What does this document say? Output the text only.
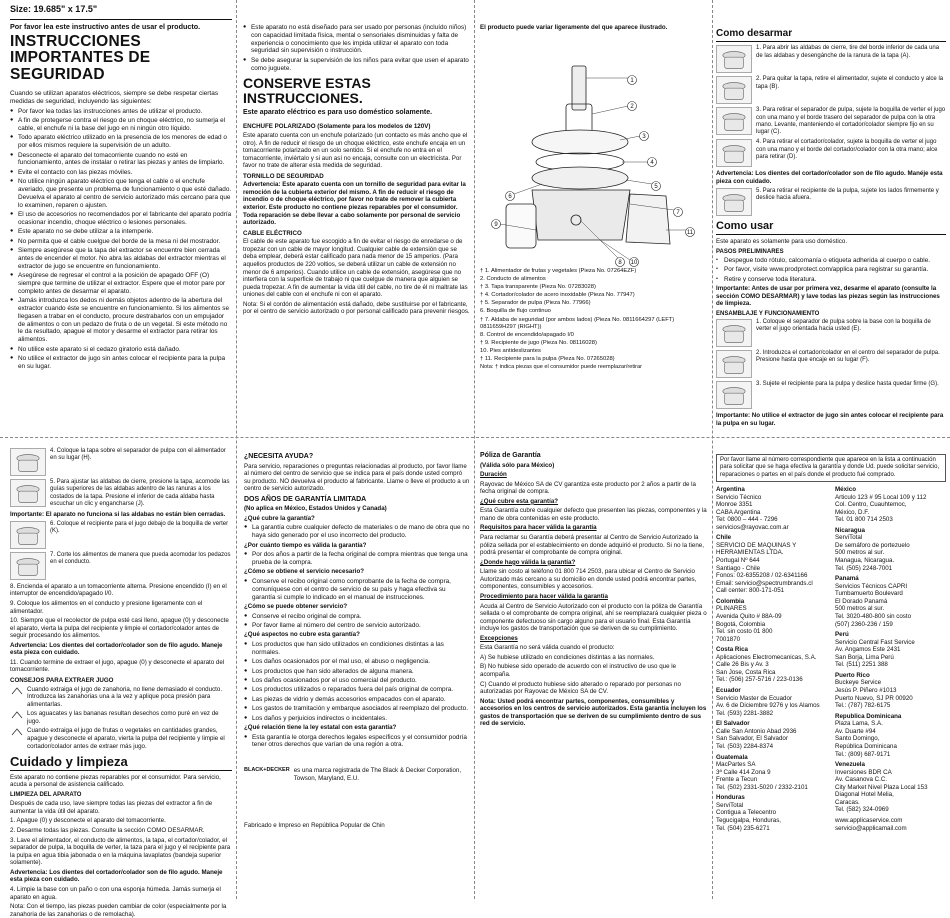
Size: 19.685" x 17.5"
Por favor lea este instructivo antes de usar el producto.
INSTRUCCIONES IMPORTANTES DE SEGURIDAD

Cuando se utilizan aparatos eléctricos, siempre se debe respetar ciertas medidas de seguridad, incluyendo las siguientes:

● Por favor lea todas las instrucciones antes de utilizar el producto.
● A fin de protegerse contra el riesgo de un choque eléctrico, no sumerja el cable, el enchufe ni la base del jugo en ni ningún otro líquido.
● Todo aparato eléctrico utilizado en la presencia de los menores de edad o por ellos mismos requiere la supervisión de un adulto.
● Desconecte el aparato del tomacorriente cuando no esté en funcionamiento, antes de instalar o retirar las piezas y antes de limpiarlo.
● Evite el contacto con las piezas móviles.
● No utilice ningún aparato eléctrico que tenga el cable o el enchufe averiado, que presente un problema de funcionamiento o que esté dañado. Devuelva el aparato al centro de servicio autorizado más cercano para que lo examinen, reparen o ajusten.
● El uso de accesorios no recomendados por el fabricante del aparato podría ocasionar incendio, choque eléctrico o lesiones personales.
● Este aparato no se debe utilizar a la intemperie.
● No permita que el cable cuelgue del borde de la mesa ni del mostrador.
● Siempre asegúrese que la tapa del extractor se encuentre bien cerrada antes de encender el motor. No abra las aldabas del extractor mientras el extractor de jugo se encuentre en funcionamiento.
● Asegúrese de regresar el control a la posición de apagado OFF (O) siempre que termine de utilizar el extractor. Espere que el motor pare por completo antes de desarmar el aparato.
● Jamás introduzca los dedos ni demás objetos adentro de la abertura del extractor cuando éste se encuentre en funcionamiento. Si los alimentos se llegasen a trabar en el conducto, procure destrabarlos con un empujador de alimentos o con un pedazo de fruta o de un vegetal. Si este método no le da resultado, apague el motor y desarme el extractor para retirar los alimentos.
● No utilice este aparato si el cedazo giratorio está dañado.
● No utilice el extractor de jugo sin antes colocar el recipiente para la pulpa en su lugar.
● Este aparato no está diseñado para ser usado por personas (incluído niños) con capacidad limitada física, mental o sensoriales disminuidas y falta de experiencia o conocimiento que les impida utilizar el aparato con toda seguridad sin supervisión o instrucción.
● Se debe asegurar la supervisión de los niños para evitar que usen el aparato como juguete.
CONSERVE ESTAS INSTRUCCIONES.

Este aparato eléctrico es para uso doméstico solamente.

ENCHUFE POLARIZADO (Solamente para los modelos de 120V)

Este aparato cuenta con un enchufe polarizado (un contacto es más ancho que el otro). A fin de reducir el riesgo de un choque eléctrico, este enchufe encaja en un tomacorriente polarizado en un solo sentido. Si el enchufe no entra en el tomacorriente, inviértalo y si aun así no encaja, consulte con un electricista. Por favor no trate de alterar esta medida de seguridad.

TORNILLO DE SEGURIDAD

Advertencia: Este aparato cuenta con un tornillo de seguridad para evitar la remoción de la cubierta exterior del mismo. A fin de reducir el riesgo de incendio o de choque eléctrico, por favor no trate de remover la cubierta exterior. Este producto no contiene piezas reparables por el consumidor. Toda reparación se debe llevar a cabo solamente por personal de servicio autorizado.

CABLE ELÉCTRICO

El cable de este aparato fue escogido a fin de evitar el riesgo de enredarse o de tropezar con un cable de mayor longitud. Cualquier cable de extensión que se deba emplear, deberá estar calificado para nada menor de 15 amperios. (Para aquellos productos de 220 voltios, se deberá utilizar un cable de extensión no menor de 6 amperios). Cuando utilice un cable de extensión, asegúrese que no interfiera con la superficie de trabajo ni que cuelgue de manera que alguien se pueda tropezar. A fin de aumentar la vida útil del cable, no tire de él ni maltrate las uniones del cable con el enchufe ni con el aparato.

Nota: Si el cordón de alimentación está dañado, debe sustituirse por el fabricante, por el centro de servicio autorizado o por personal calificado para prevenir riesgos.

El producto puede variar ligeramente del que aparece ilustrado.

1
2
3
4
5
6
7
8
9
10
11
† 1. Alimentador de frutas y vegetales (Pieza No. 07264EZF)
2. Conducto de alimentos
† 3. Tapa transparente (Pieza No. 07283028)
† 4. Cortador/colador de acero inoxidable (Pieza No. 77947)
† 5. Separador de pulpa (Pieza No. 77966)
6. Boquilla de flujo continuo
† 7. Aldaba de seguridad (por ambos lados) (Pieza No. 0811664297 (LEFT) 0811659H297 (RIGHT))
8. Control de encendido/apagado I/0
† 9. Recipiente de jugo (Pieza No. 08116028)
10. Pies antideslizantes
† 11. Recipiente para la pulpa (Pieza No. 07265028)

Nota: † indica piezas que el consumidor puede reemplazar/retirar

Como desarmar
1. Para abrir las aldabas de cierre, tire del borde inferior de cada una de las aldabas y desengánche de la ranura de la tapa (A).
2. Para quitar la tapa, retire el alimentador, sujete el conducto y alce la tapa (B).
3. Para retirar el separador de pulpa, sujete la boquilla de verter el jugo con una mano y el borde trasero del separador de pulpa con la otra mano. Levante, manteniendo el cortador/colador siempre fijo en su lugar (C).
4. Para retirar el cortador/colador, sujete la boquilla de verter el jugo con una mano y el borde del cortador/colador con la otra mano; alce para retirar (D).

Advertencia: Los dientes del cortador/colador son de filo agudo. Manéje esta pieza con cuidado.

5. Para retirar el recipiente de la pulpa, sujete los lados firmemente y deslice hacia afuera.
Como usar

Este aparato es solamente para uso doméstico.

PASOS PRELIMINARES
• Despegue todo rótulo, calcomanía o etiqueta adherida al cuerpo o cable.
• Por favor, visite www.prodprotect.com/applica para registrar su garantía.
• Retire y conserve toda literatura.

Importante: Antes de usar por primera vez, desarme el aparato (consulte la sección COMO DESARMAR) y lave todas las piezas según las instrucciones de limpieza.

ENSAMBLAJE Y FUNCIONAMIENTO
1. Coloque el separador de pulpa sobre la base con la boquilla de verter el jugo orientada hacia usted (E).
2. Introduzca el cortador/colador en el centro del separador de pulpa. Presione hasta que encaje en su lugar (F).
3. Sujete el recipiente para la pulpa y deslice hasta quedar firme (G).

Importante: No utilice el extractor de jugo sin antes colocar el recipiente para la pulpa en su lugar.

4. Coloque la tapa sobre el separador de pulpa con el alimentador en su lugar (H).
5. Para ajustar las aldabas de cierre, presione la tapa, acomode las guías superiores de las aldabas adentro de las ranuras a los costados de la tapa. Presione el inferior de cada aldaba hasta escuchar un clic y engancharse (J).

Importante: El aparato no funciona si las aldabas no están bien cerradas.

6. Coloque el recipiente para el jugo debajo de la boquilla de verter (K).
7. Corte los alimentos de manera que pueda acomodar los pedazos en el conducto.

8. Encienda el aparato a un tomacorriente alterna. Presione encendido (I) en el interruptor de encendido/apagado I/0.

9. Coloque los alimentos en el conducto y presione ligeramente con el alimentador.

10. Siempre que el recolector de pulpa esté casi lleno, apague (0) y desconecte el aparato, vierta la pulpa del recipiente y limpie el cortador/colador antes de seguir procesando los alimentos.

Advertencia: Los dientes del cortador/colador son de filo agudo. Maneje esta pieza con cuidado.

11. Cuando termine de extraer el jugo, apague (0) y desconecte el aparato del tomacorriente.

CONSEJOS PARA EXTRAER JUGO
Cuando extraiga el jugo de zanahoria, no llene demasiado el conducto. Introduzca las zanahorias una a la vez y aplique poca presión para alimentarlas.
Los aguacates y las bananas resultan desechos como puré en vez de jugo.
Cuando extraiga el jugo de frutas o vegetales en cantidades grandes, apague y desconecte el aparato, vierta la pulpa del recipiente y limpie el cortador/colador antes de extraer más jugo.
Cuidado y limpieza

Este aparato no contiene piezas reparables por el consumidor. Para servicio, acuda a personal de asistencia calificado.

LIMPIEZA DEL APARATO

Después de cada uso, lave siempre todas las piezas del extractor a fin de aumentar la vida útil del aparato.

1. Apague (0) y desconecte el aparato del tomacorriente.

2. Desarme todas las piezas. Consulte la sección COMO DESARMAR.

3. Lave el alimentador, el conducto de alimentos, la tapa, el cortador/colador, el separador de pulpa, la boquilla de verter, la taza para el jugo y el recipiente para la pulpa en agua tibia jabonada o en la máquina lavaplatos (bandeja superior solamente).

Advertencia: Los dientes del cortador/colador son de filo agudo. Maneje esta pieza con cuidado.

4. Limpie la base con un paño o con una esponja húmeda. Jamás sumerja el aparato en agua.

Nota: Con el tiempo, las piezas pueden cambiar de color (especialmente por la zanahoria de las zanahorias o de remolacha).

¿NECESITA AYUDA?

Para servicio, reparaciones o preguntas relacionadas al producto, por favor llame al número del centro de servicio que se indica para el país donde usted compró su producto. NO devuelva el producto al fabricante. Llame o lleve el producto a un centro de servicio autorizado.

DOS AÑOS DE GARANTÍA LIMITADA

(No aplica en México, Estados Unidos y Canada)

¿Qué cubre la garantía?

● La garantía cubre cualquier defecto de materiales o de mano de obra que no haya sido generado por el uso incorrecto del producto.

¿Por cuánto tiempo es válida la garantía?

● Por dos años a partir de la fecha original de compra mientras que tenga una prueba de la compra.

¿Cómo se obtiene el servicio necesario?

● Conserve el recibo original como comprobante de la fecha de compra, comuníquese con el centro de servicio de su país y haga efectiva su garantía si cumple lo indicado en el manual de instrucciones.

¿Cómo se puede obtener servicio?

● Conserve el recibo original de compra.
● Por favor llame al número del centro de servicio autorizado.

¿Qué aspectos no cubre esta garantía?

● Los productos que han sido utilizados en condiciones distintas a las normales.
● Los daños ocasionados por el mal uso, el abuso o negligencia.
● Los productos que han sido alterados de alguna manera.
● Los daños ocasionados por el uso comercial del producto.
● Los productos utilizados o reparados fuera del país original de compra.
● Las piezas de vidrio y demás accesorios empacados con el aparato.
● Los gastos de tramitación y embarque asociados al reemplazo del producto.
● Los daños y perjuicios indirectos o incidentales.

¿Qué relación tiene la ley estatal con esta garantía?

● Esta garantía le otorga derechos legales específicos y el consumidor podría tener otros derechos que varían de una región a otra.
BLACK+DECKER es una marca registrada de The Black & Decker Corporation, Towson, Maryland, E.U.

Fabricado e Impreso en República Popular de Chin

Póliza de Garantía

(Válida sólo para México)

Duración

Rayovac de México SA de CV garantiza este producto por 2 años a partir de la fecha original de compra.

¿Qué cubre esta garantía?

Esta Garantía cubre cualquier defecto que presenten las piezas, componentes y la mano de obra contenidas en este producto.

Requisitos para hacer válida la garantía

Para reclamar su Garantía deberá presentar al Centro de Servicio Autorizado la póliza sellada por el establecimiento en donde adquirió el producto. Si no la tiene, podrá presentar el comprobante de compra original.

¿Donde hago válida la garantía?

Llame sin costo al teléfono 01 800 714 2503, para ubicar el Centro de Servicio Autorizado más cercano a su domicilio en donde usted podrá encontrar partes, componentes, consumibles y accesorios.

Procedimiento para hacer válida la garantía

Acuda al Centro de Servicio Autorizado con el producto con la póliza de Garantía sellada o el comprobante de compra original, ahí se reemplazará cualquier pieza o componente defectuoso sin cargo alguno para el usuario final. Esta Garantía incluye los gastos de transportación que se deriven de su cumplimiento.

Excepciones

Esta Garantía no será válida cuando el producto:

A) Se hubiese utilizado en condiciones distintas a las normales.

B) No hubiese sido operado de acuerdo con el instructivo de uso que le acompaña.

C) Cuando el producto hubiese sido alterado o reparado por personas no autorizadas por Rayovac de México SA de CV.

Nota: Usted podrá encontrar partes, componentes, consumibles y accesorios en los centros de servicio autorizados. Esta garantía incluyen los gastos de transportación que se deriven de su cumplimiento dentro de sus red de servicio.

Por favor llame al número correspondiente que aparece en la lista a continuación para solicitar que se haga efectiva la garantía y donde Ud. puede solicitar servicio, reparaciones o partes en el país donde el producto fué comprado.

Argentina
Servicio Técnico
Monroe 3351
CABA Argentina
Tel: 0800 – 444 - 7296
servicios@rayovac.com.ar
Chile
SERVICIO DE MAQUINAS Y
HERRAMIENTAS LTDA.
Portugal Nº 644
Santiago - Chile
Fonos: 02-6355208 / 02-6341166
Email: servicio@spectrumbrands.cl
Call center: 800-171-051
Colombia
PLINARES
Avenida Quito # 88A-09
Bogotá, Colombia
Tel. sin costo 01 800
7001870
Costa Rica
Aplicaciones Electromecanicas, S.A.
Calle 26 Bis y Av. 3
San Jose, Costa Rica
Tel.: (506) 257-5716 / 223-0136
Ecuador
Servicio Master de Ecuador
Av. 6 de Diciembre 9276 y los Alamos
Tel. (593) 2281-3882
El Salvador
Calle San Antonio Abad 2936
San Salvador, El Salvador
Tel. (503) 2284-8374
Guatemala
MacPartes SA
3ª Calle 414 Zona 9
Frente a Tecun
Tel. (502) 2331-5020 / 2332-2101
Honduras
ServiTotal
Contigua a Telecentro
Tegucigalpa, Honduras,
Tel. (504) 235-6271
México
Articulo 123 # 95 Local 109 y 112
Col. Centro, Cuauhtemoc,
México, D.F.
Tel. 01 800 714 2503
Nicaragua
ServiTotal
De semáforo de portezuelo
500 metros al sur.
Managua, Nicaragua.
Tel. (505) 2248-7001
Panamá
Servicios Técnicos CAPRI
Tumbamuerto Boulevard
El Dorado Panamá
500 metros al sur.
Tel. 3020-480-800 sin costo
(507) 2360-236 / 159
Perú
Servicio Central Fast Service
Av. Angamos Este 2431
San Borja, Lima Perú
Tel. (511) 2251 388
Puerto Rico
Buckeye Service
Jesús P. Piñero #1013
Puerto Nuevo, SJ PR 00920
Tel.: (787) 782-6175
Republica Dominicana
Plaza Lama, S.A.
Av. Duarte #94
Santo Domingo,
República Dominicana
Tel.: (809) 687-9171
Venezuela
Inversiones BDR CA
Av. Casanova C.C.
City Market Nivel Plaza Local 153
Diagonal Hotel Melia,
Caracas.
Tel. (582) 324-0969
www.applicaservice.com
servicio@applicamail.com
